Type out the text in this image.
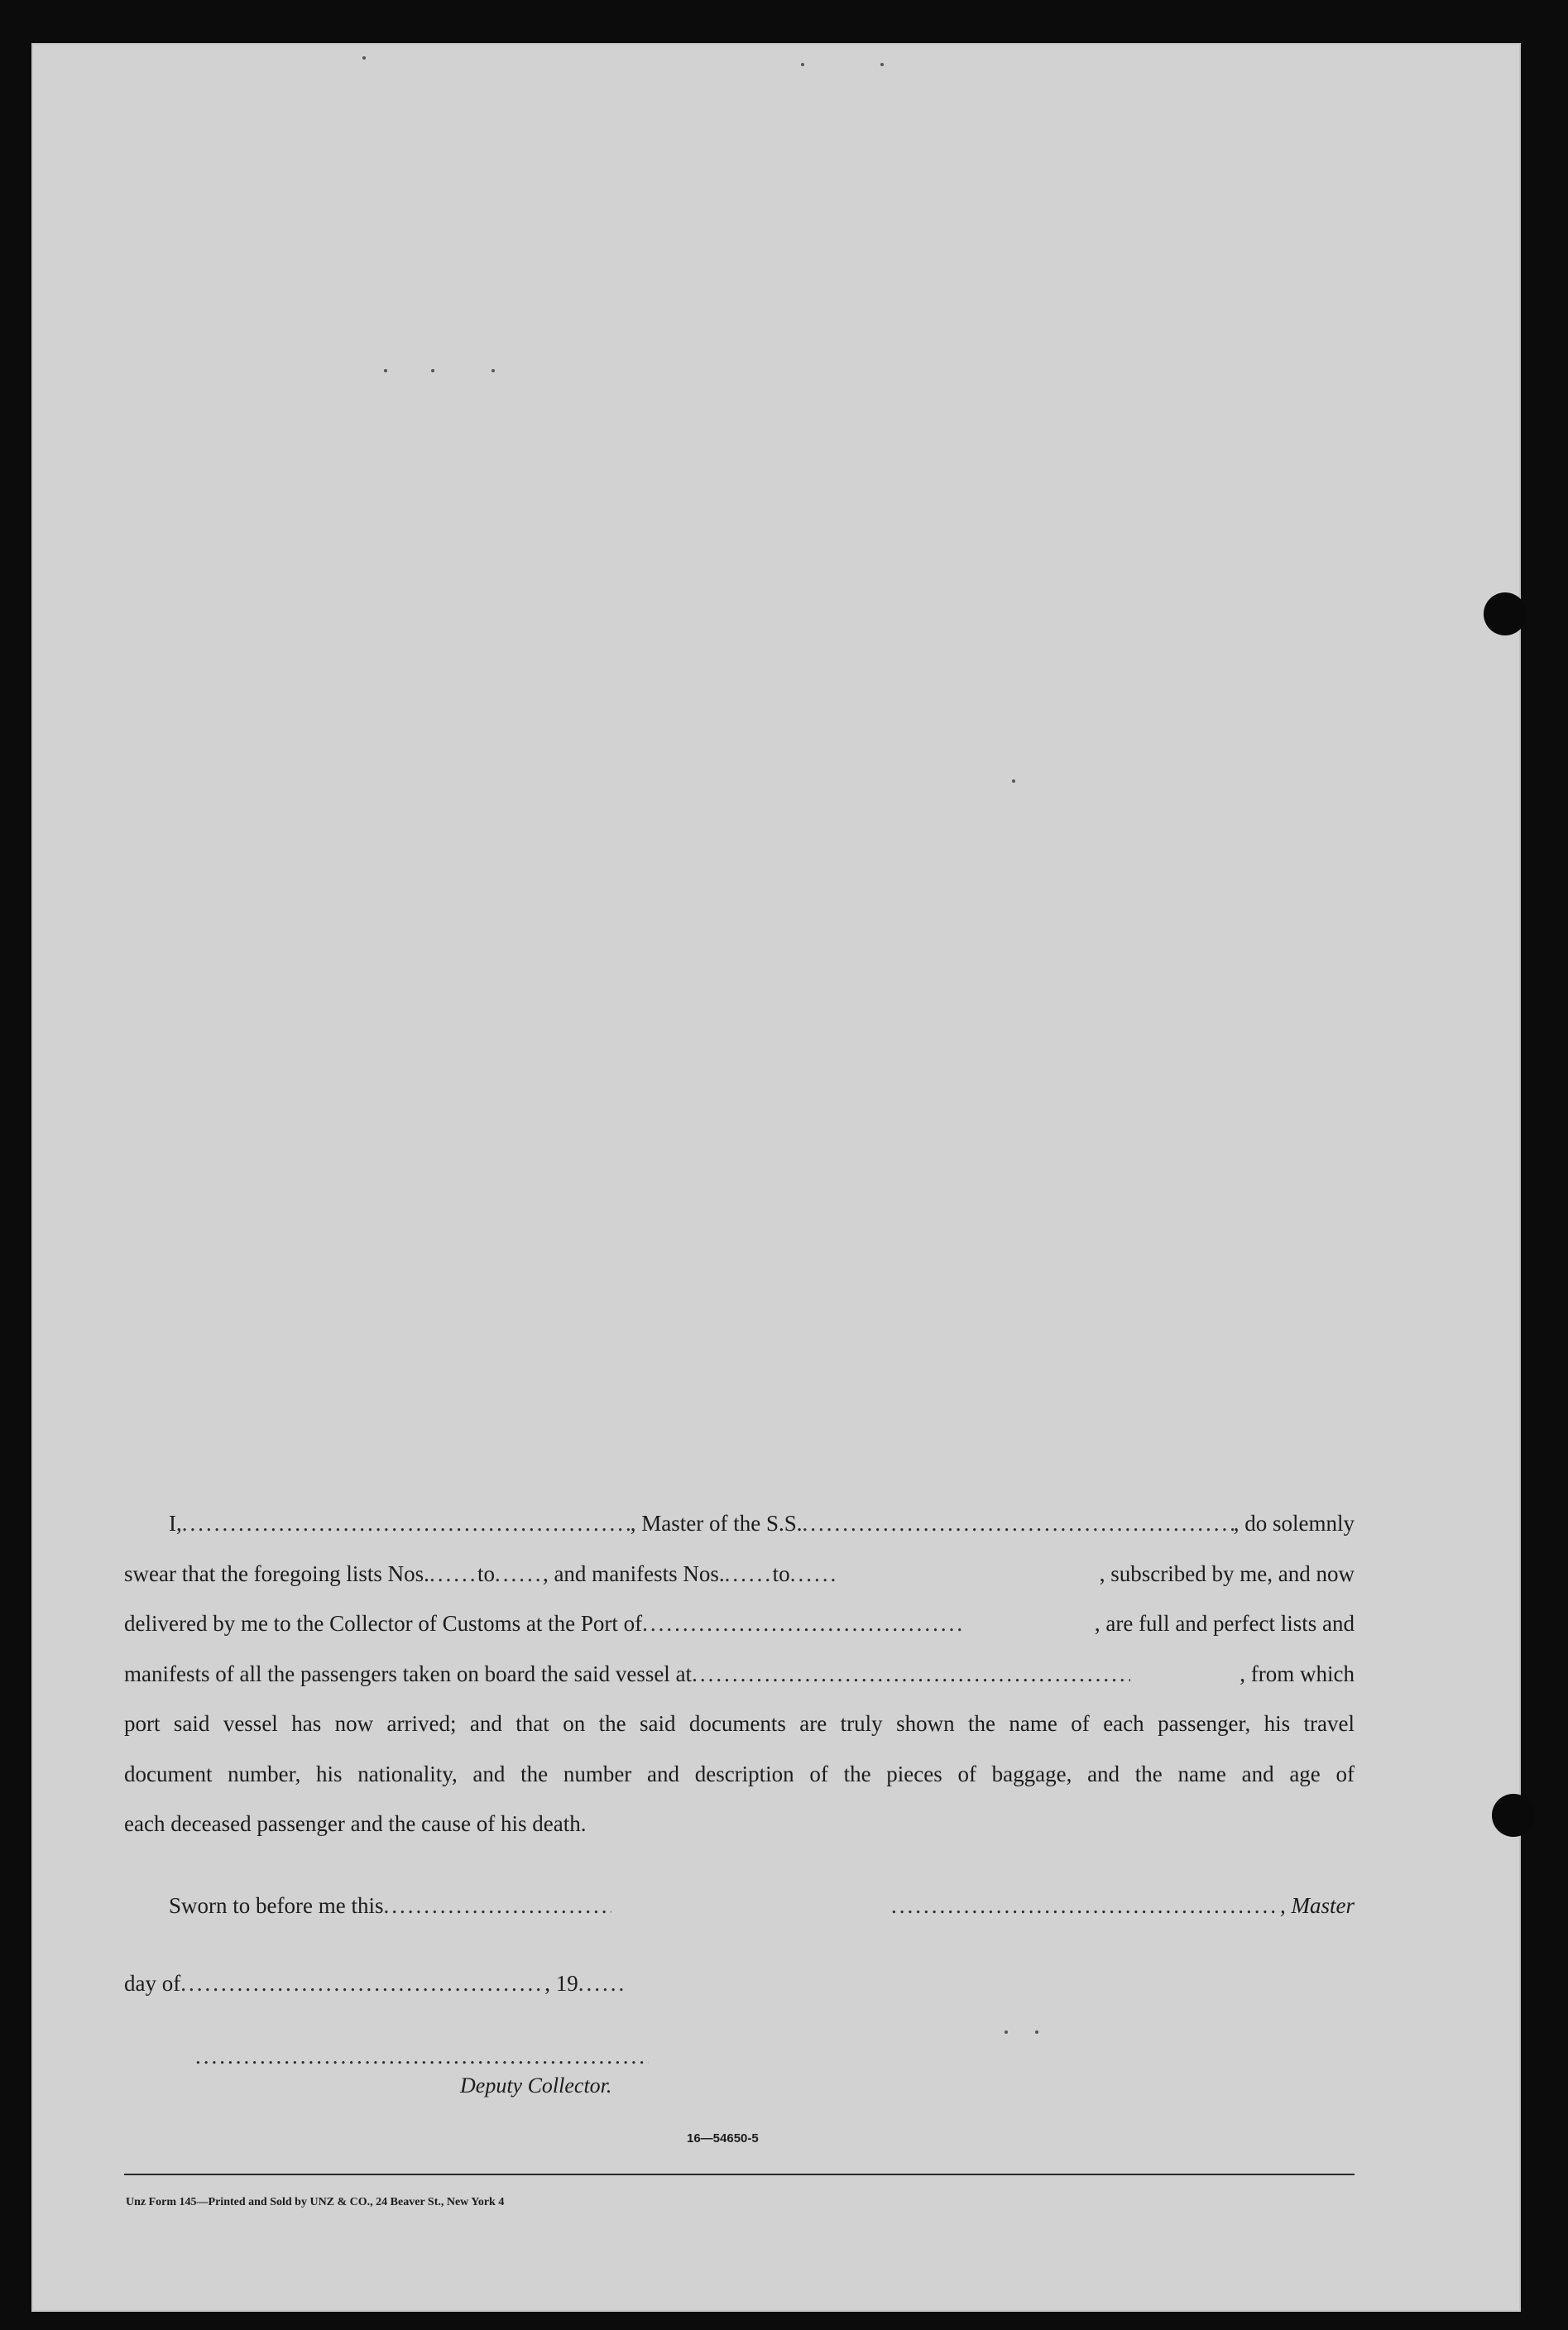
I, .....	, Master of the S.S. .....	, do solemnly
swear that the foregoing lists Nos. ..... to ..... , and manifests Nos. ..... to .....	, subscribed by me, and now
delivered by me to the Collector of Customs at the Port of .....	, are full and perfect lists and
manifests of all the passengers taken on board the said vessel at .....	, from which
port said vessel has now arrived; and that on the said documents are truly shown the name of each passenger, his travel
document number, his nationality, and the number and description of the pieces of baggage, and the name and age of
each deceased passenger and the cause of his death.
Sworn to before me this ..... .....	, Master
day of .....	, 19
.....
.....
Deputy Collector.
16—54650-5
Unz Form 145—Printed and Sold by UNZ & CO., 24 Beaver St., New York 4
